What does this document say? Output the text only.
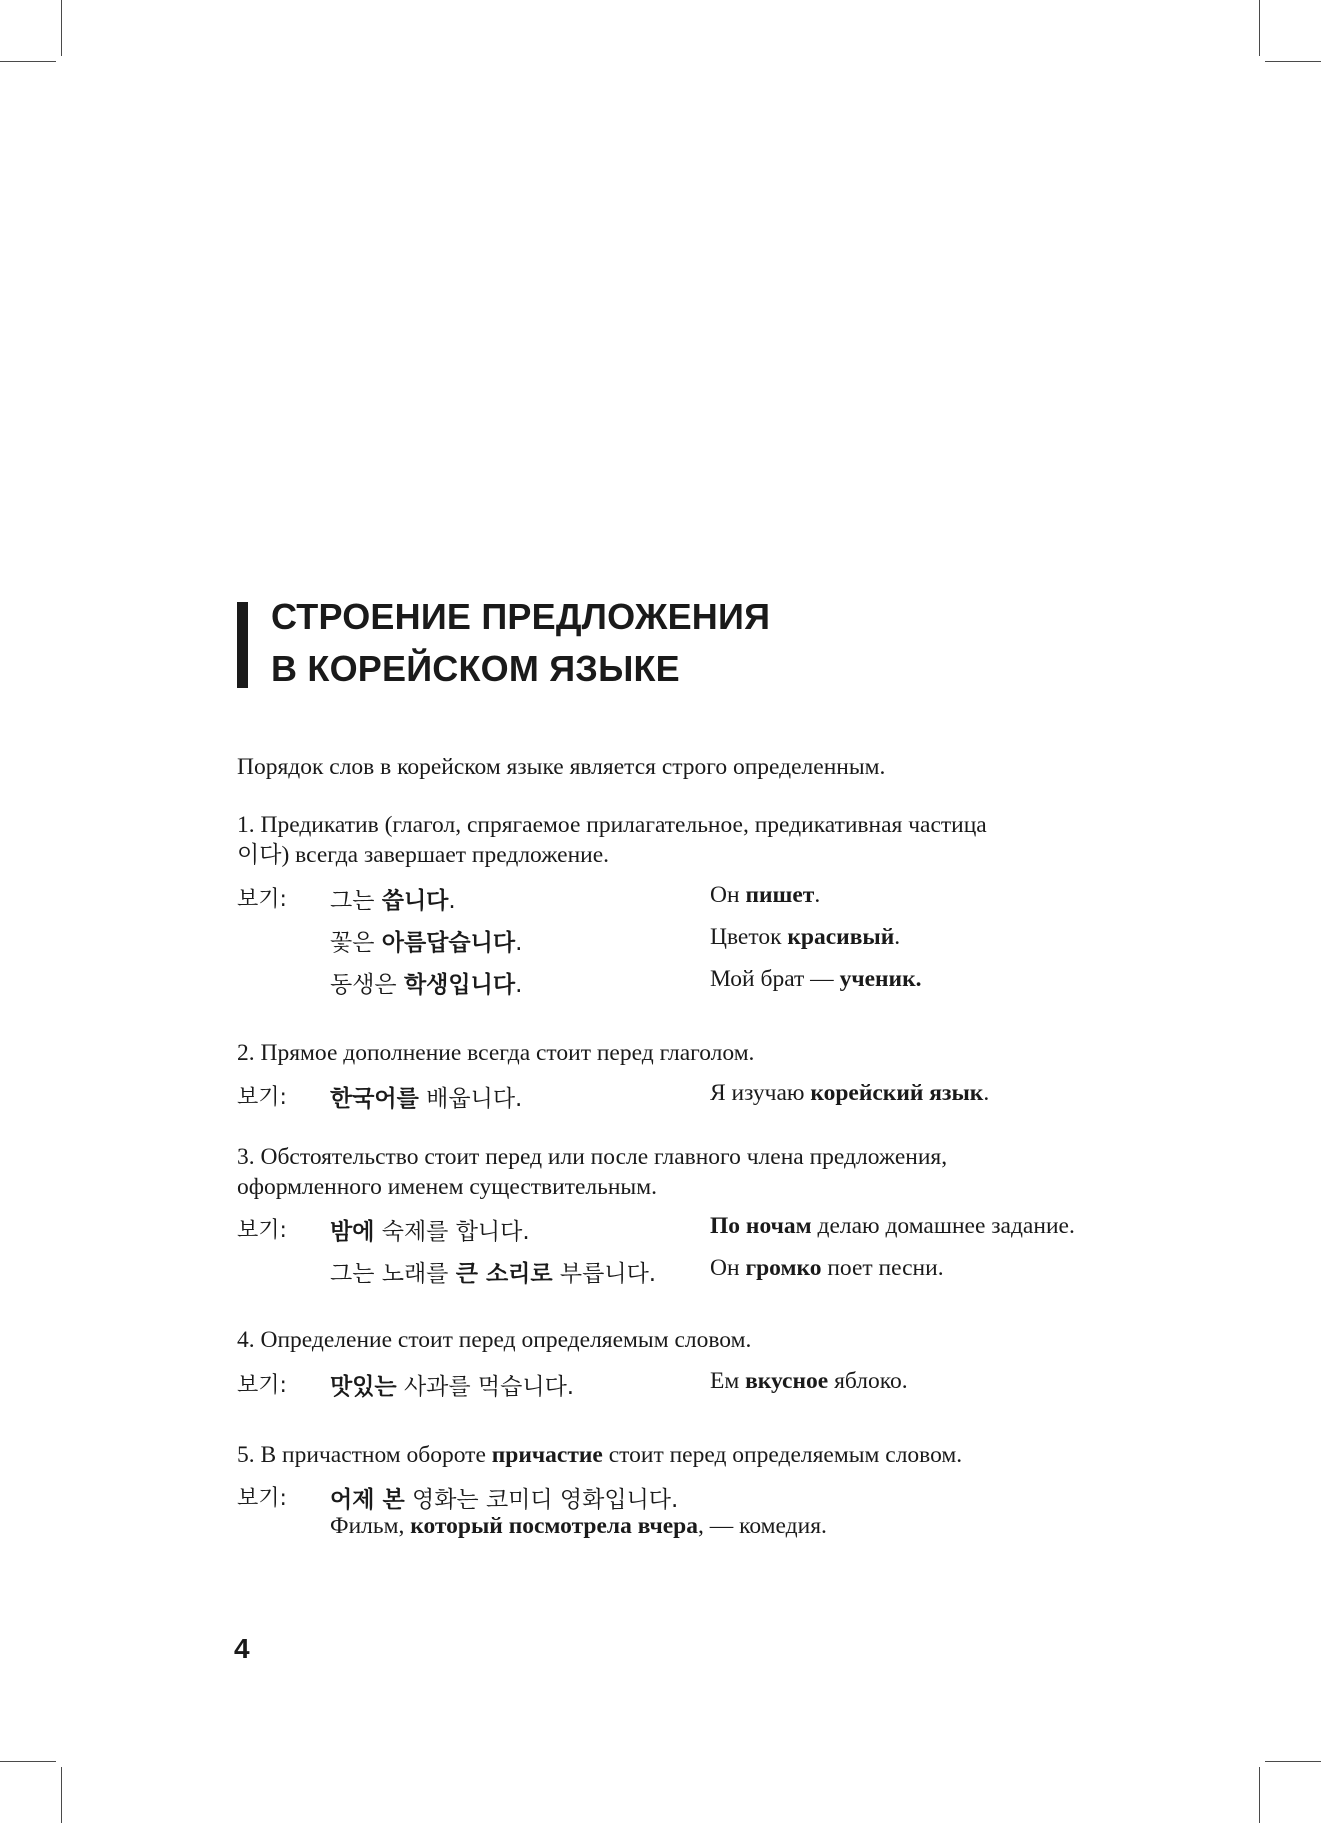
СТРОЕНИЕ ПРЕДЛОЖЕНИЯ
В КОРЕЙСКОМ ЯЗЫКЕ
Порядок слов в корейском языке является строго определенным.
1. Предикатив (глагол, спрягаемое прилагательное, предикативная частица
이다) всегда завершает предложение.
보기: 그는 씁니다.	Он пишет.
꽃은 아름답습니다.	Цветок красивый.
동생은 학생입니다.	Мой брат — ученик.
2. Прямое дополнение всегда стоит перед глаголом.
보기: 한국어를 배웁니다.	Я изучаю корейский язык.
3. Обстоятельство стоит перед или после главного члена предложения,
оформленного именем существительным.
보기: 밤에 숙제를 합니다.	По ночам делаю домашнее задание.
그는 노래를 큰 소리로 부릅니다. Он громко поет песни.
4. Определение стоит перед определяемым словом.
보기: 맛있는 사과를 먹습니다.	Ем вкусное яблоко.
5. В причастном обороте причастие стоит перед определяемым словом.
보기: 어제 본 영화는 코미디 영화입니다.
Фильм, который посмотрела вчера, — комедия.
4
